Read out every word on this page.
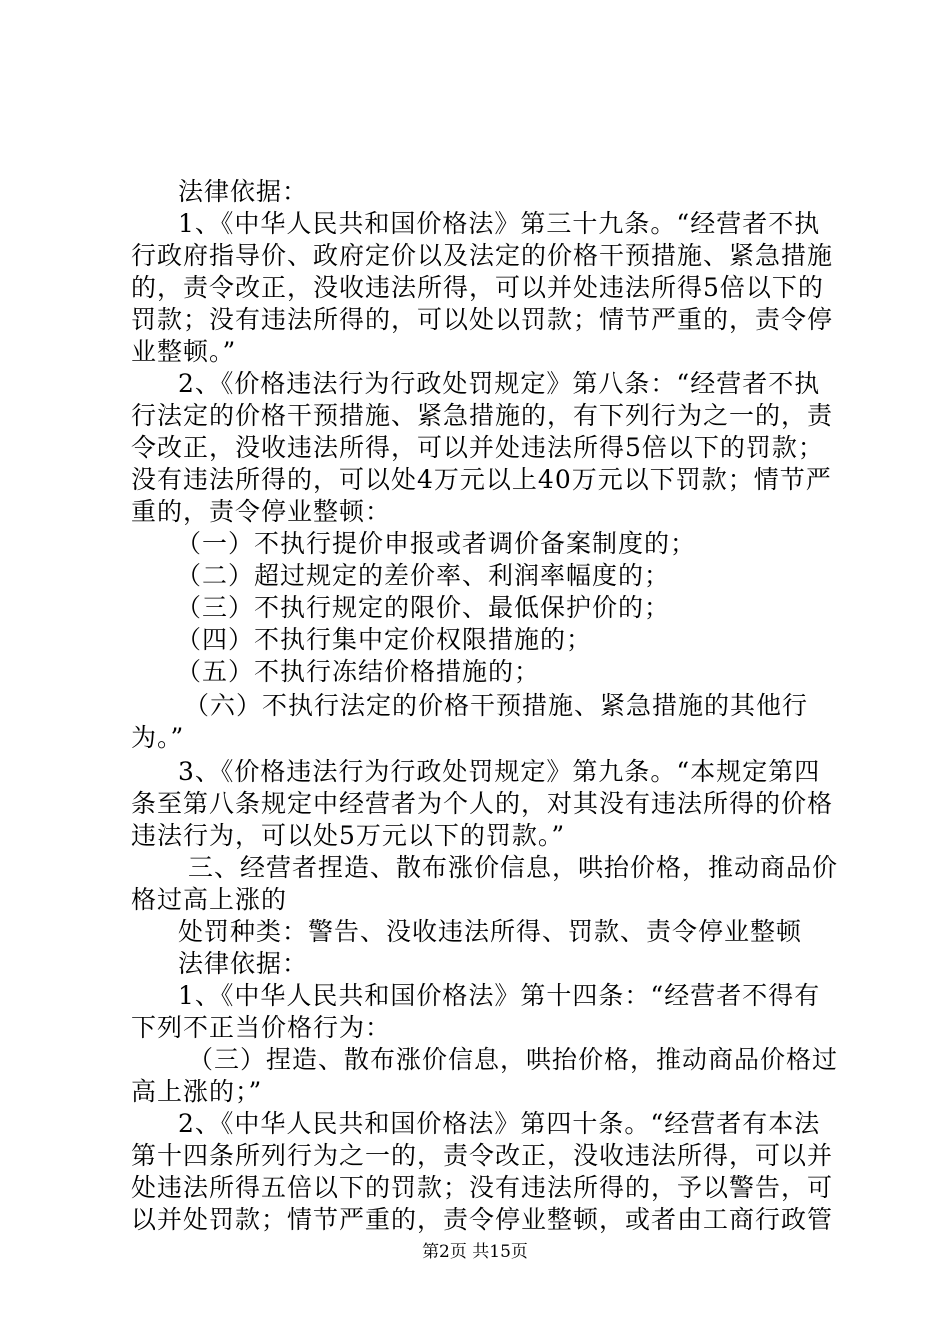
法律依据：
1、《中华人民共和国价格法》第三十九条。“经营者不执
行政府指导价、政府定价以及法定的价格干预措施、紧急措施
的，责令改正，没收违法所得，可以并处违法所得5倍以下的
罚款；没有违法所得的，可以处以罚款；情节严重的，责令停
业整顿。”
2、《价格违法行为行政处罚规定》第八条：“经营者不执
行法定的价格干预措施、紧急措施的，有下列行为之一的，责
令改正，没收违法所得，可以并处违法所得5倍以下的罚款；
没有违法所得的，可以处4万元以上40万元以下罚款；情节严
重的，责令停业整顿：
（一）不执行提价申报或者调价备案制度的；
（二）超过规定的差价率、利润率幅度的；
（三）不执行规定的限价、最低保护价的；
（四）不执行集中定价权限措施的；
（五）不执行冻结价格措施的；
（六）不执行法定的价格干预措施、紧急措施的其他行
为。”
3、《价格违法行为行政处罚规定》第九条。“本规定第四
条至第八条规定中经营者为个人的，对其没有违法所得的价格
违法行为，可以处5万元以下的罚款。”
三、经营者捏造、散布涨价信息，哄抬价格，推动商品价
格过高上涨的
处罚种类：警告、没收违法所得、罚款、责令停业整顿
法律依据：
1、《中华人民共和国价格法》第十四条：“经营者不得有
下列不正当价格行为：
（三）捏造、散布涨价信息，哄抬价格，推动商品价格过
高上涨的；”
2、《中华人民共和国价格法》第四十条。“经营者有本法
第十四条所列行为之一的，责令改正，没收违法所得，可以并
处违法所得五倍以下的罚款；没有违法所得的，予以警告，可
以并处罚款；情节严重的，责令停业整顿，或者由工商行政管
第2页 共15页
